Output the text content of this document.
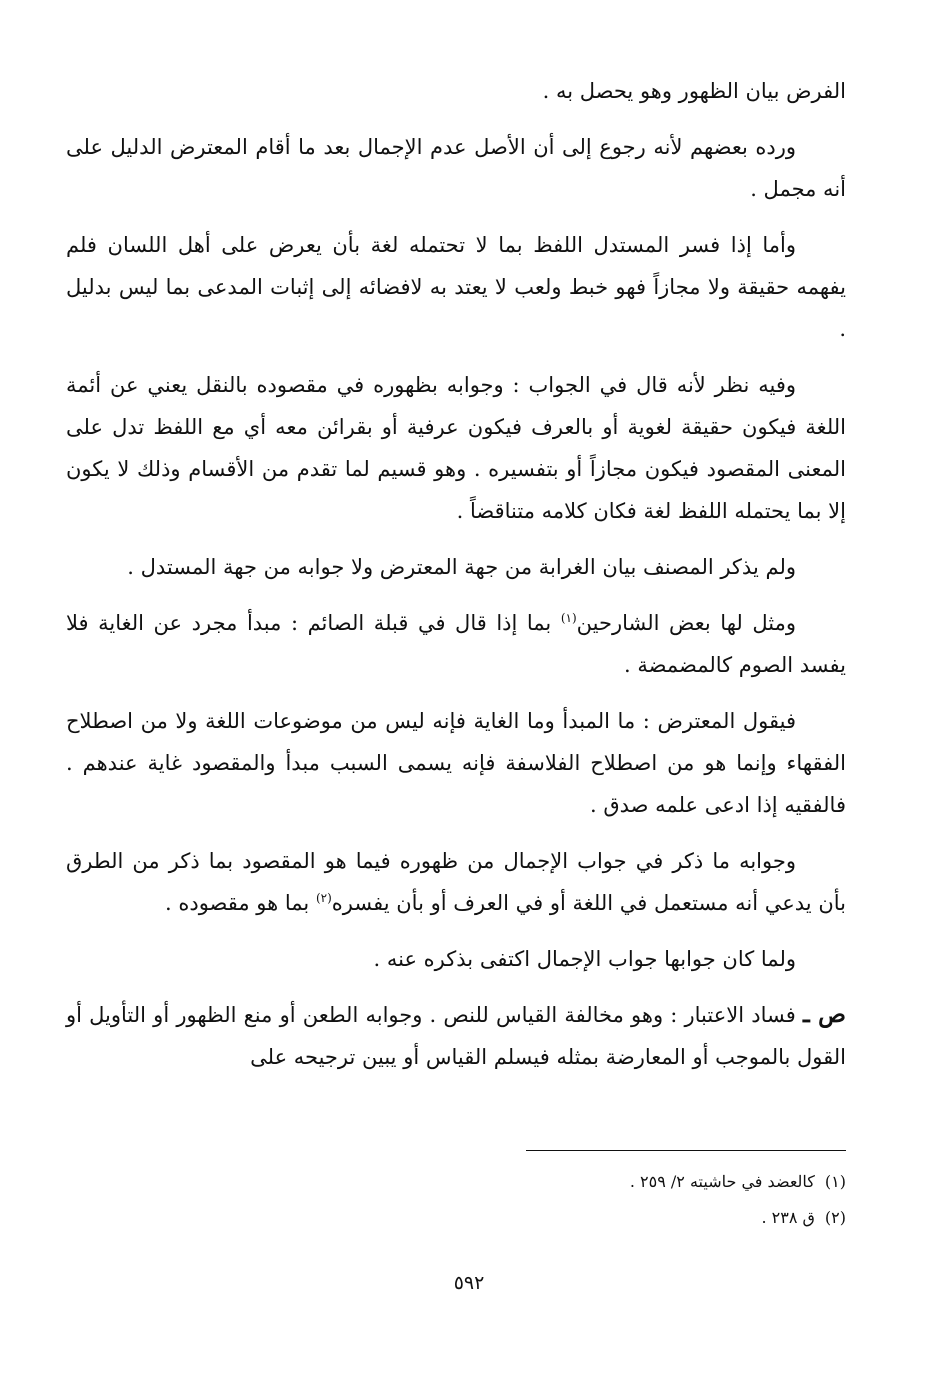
الفرض بيان الظهور وهو يحصل به .

ورده بعضهم لأنه رجوع إلى أن الأصل عدم الإجمال بعد ما أقام المعترض الدليل على أنه مجمل .

وأما إذا فسر المستدل اللفظ بما لا تحتمله لغة بأن يعرض على أهل اللسان فلم يفهمه حقيقة ولا مجازاً فهو خبط ولعب لا يعتد به لافضائه إلى إثبات المدعى بما ليس بدليل .

وفيه نظر لأنه قال في الجواب : وجوابه بظهوره في مقصوده بالنقل يعني عن أئمة اللغة فيكون حقيقة لغوية أو بالعرف فيكون عرفية أو بقرائن معه أي مع اللفظ تدل على المعنى المقصود فيكون مجازاً أو بتفسيره . وهو قسيم لما تقدم من الأقسام وذلك لا يكون إلا بما يحتمله اللفظ لغة فكان كلامه متناقضاً .

ولم يذكر المصنف بيان الغرابة من جهة المعترض ولا جوابه من جهة المستدل .

ومثل لها بعض الشارحين$^{(١)}$ بما إذا قال في قبلة الصائم : مبدأ مجرد عن الغاية فلا يفسد الصوم كالمضمضة .

فيقول المعترض : ما المبدأ وما الغاية فإنه ليس من موضوعات اللغة ولا من اصطلاح الفقهاء وإنما هو من اصطلاح الفلاسفة فإنه يسمى السبب مبدأ والمقصود غاية عندهم . فالفقيه إذا ادعى علمه صدق .

وجوابه ما ذكر في جواب الإجمال من ظهوره فيما هو المقصود بما ذكر من الطرق بأن يدعي أنه مستعمل في اللغة أو في العرف أو بأن يفسره$^{(٢)}$ بما هو مقصوده .

ولما كان جوابها جواب الإجمال اكتفى بذكره عنه .

ص ـ فساد الاعتبار : وهو مخالفة القياس للنص . وجوابه الطعن أو منع الظهور أو التأويل أو القول بالموجب أو المعارضة بمثله فيسلم القياس أو يبين ترجيحه على

(١)كالعضد في حاشيته ٢/ ٢٥٩ .

(٢)ق ٢٣٨ .

٥٩٢
